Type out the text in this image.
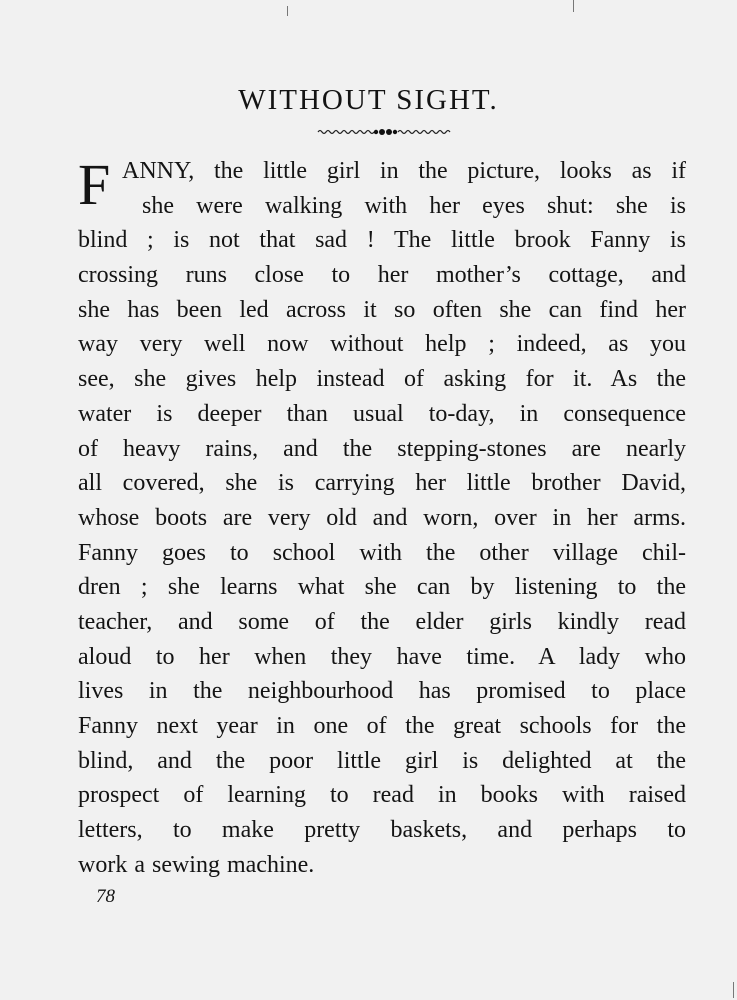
WITHOUT SIGHT.
F ANNY, the little girl in the picture, looks as if
she were walking with her eyes shut: she is
blind ; is not that sad ! The little brook Fanny is
crossing runs close to her mother’s cottage, and
she has been led across it so often she can find her
way very well now without help ; indeed, as you
see, she gives help instead of asking for it. As the
water is deeper than usual to-day, in consequence
of heavy rains, and the stepping-stones are nearly
all covered, she is carrying her little brother David,
whose boots are very old and worn, over in her arms.
Fanny goes to school with the other village chil-
dren ; she learns what she can by listening to the
teacher, and some of the elder girls kindly read
aloud to her when they have time. A lady who
lives in the neighbourhood has promised to place
Fanny next year in one of the great schools for the
blind, and the poor little girl is delighted at the
prospect of learning to read in books with raised
letters, to make pretty baskets, and perhaps to
work a sewing machine.
78
